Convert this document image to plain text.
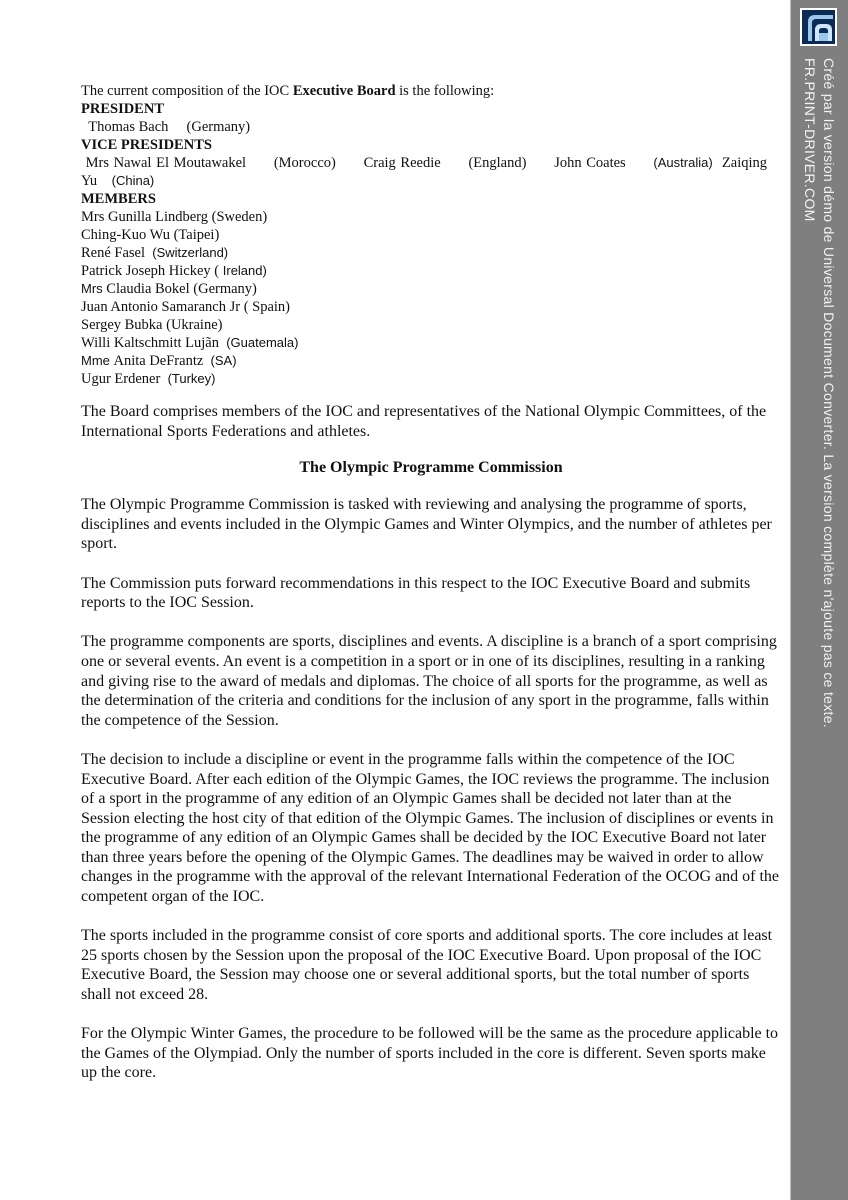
The current composition of the IOC Executive Board is the following:
PRESIDENT
Thomas Bach (Germany)
VICE PRESIDENTS
Mrs Nawal El Moutawakel (Morocco) Craig Reedie (England) John Coates (Australia) Zaiqing
Yu (China)
MEMBERS
Mrs Gunilla Lindberg (Sweden)
Ching-Kuo Wu (Taipei)
René Fasel (Switzerland)
Patrick Joseph Hickey ( Ireland)
Mrs Claudia Bokel (Germany)
Juan Antonio Samaranch Jr ( Spain)
Sergey Bubka (Ukraine)
Willi Kaltschmitt Lujãn (Guatemala)
Mme Anita DeFrantz (SA)
Ugur Erdener (Turkey)

The Board comprises members of the IOC and representatives of the National Olympic Committees, of the International Sports Federations and athletes.

The Olympic Programme Commission

The Olympic Programme Commission is tasked with reviewing and analysing the programme of sports, disciplines and events included in the Olympic Games and Winter Olympics, and the number of athletes per sport.

The Commission puts forward recommendations in this respect to the IOC Executive Board and submits reports to the IOC Session.

The programme components are sports, disciplines and events. A discipline is a branch of a sport comprising one or several events. An event is a competition in a sport or in one of its disciplines, resulting in a ranking and giving rise to the award of medals and diplomas. The choice of all sports for the programme, as well as the determination of the criteria and conditions for the inclusion of any sport in the programme, falls within the competence of the Session.

The decision to include a discipline or event in the programme falls within the competence of the IOC Executive Board. After each edition of the Olympic Games, the IOC reviews the programme. The inclusion of a sport in the programme of any edition of an Olympic Games shall be decided not later than at the Session electing the host city of that edition of the Olympic Games. The inclusion of disciplines or events in the programme of any edition of an Olympic Games shall be decided by the IOC Executive Board not later than three years before the opening of the Olympic Games. The deadlines may be waived in order to allow changes in the programme with the approval of the relevant International Federation of the OCOG and of the competent organ of the IOC.

The sports included in the programme consist of core sports and additional sports. The core includes at least 25 sports chosen by the Session upon the proposal of the IOC Executive Board. Upon proposal of the IOC Executive Board, the Session may choose one or several additional sports, but the total number of sports shall not exceed 28.

For the Olympic Winter Games, the procedure to be followed will be the same as the procedure applicable to the Games of the Olympiad. Only the number of sports included in the core is different. Seven sports make up the core.

Créé par la version démo de Universal Document Converter. La version complète n'ajoute pas ce texte.
FR.PRINT-DRIVER.COM
